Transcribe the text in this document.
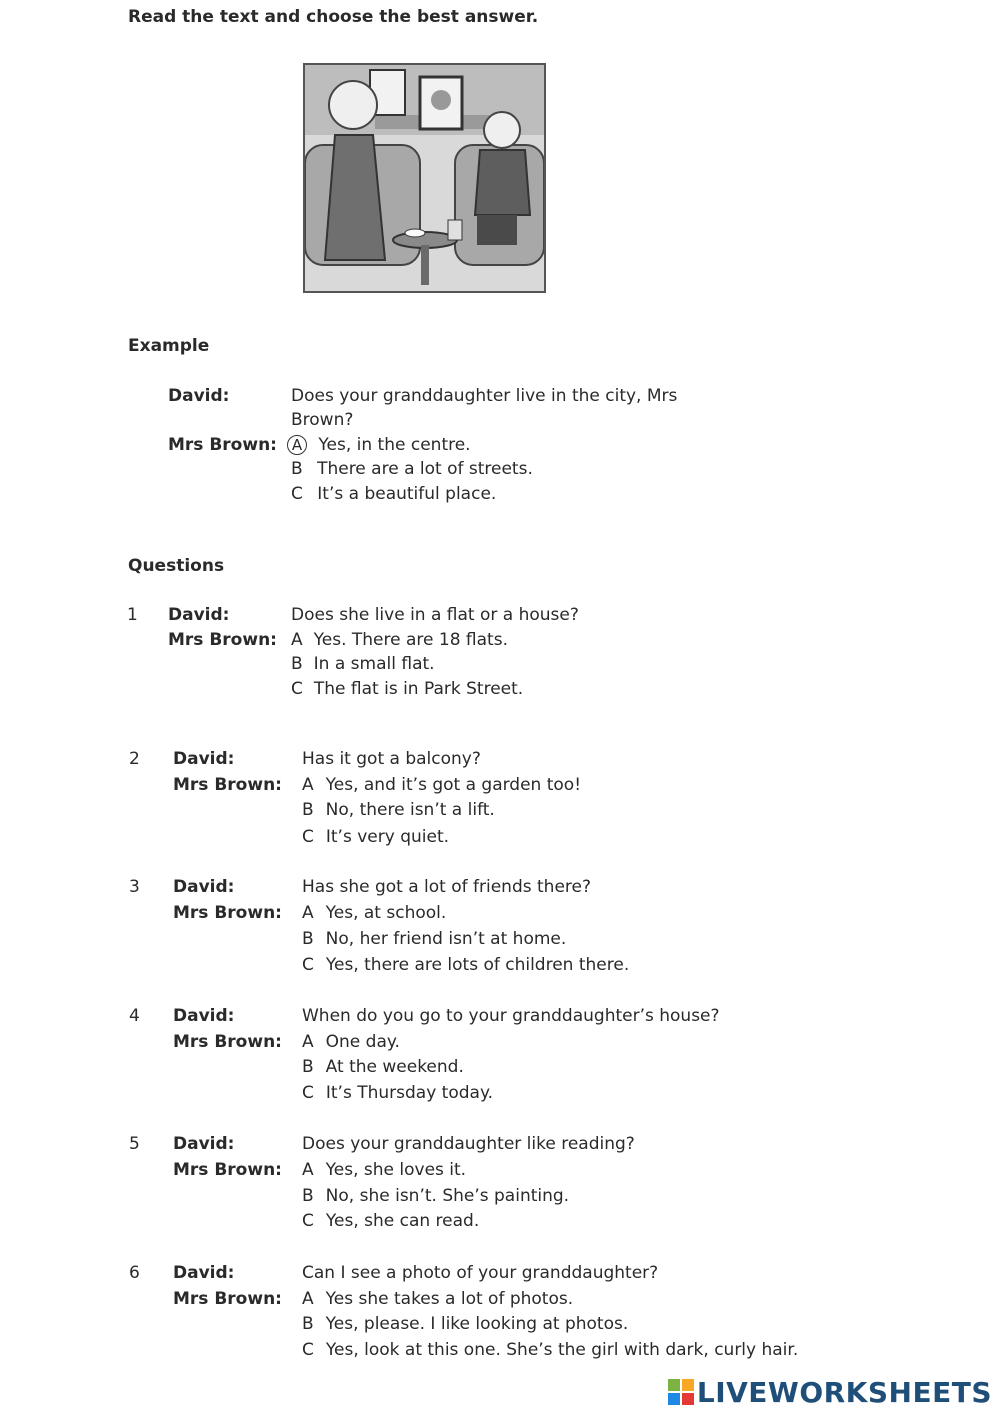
Read the text and choose the best answer.
Example
David:	Does your granddaughter live in the city, Mrs
Brown?
Mrs Brown: A Yes, in the centre.
B There are a lot of streets.
C It’s a beautiful place.
Questions
1 David:	Does she live in a flat or a house?
Mrs Brown: A Yes. There are 18 flats.
B In a small flat.
C The flat is in Park Street.
2 David:	Has it got a balcony?
Mrs Brown: A Yes, and it’s got a garden too!
B No, there isn’t a lift.
C It’s very quiet.
3 David:	Has she got a lot of friends there?
Mrs Brown: A Yes, at school.
B No, her friend isn’t at home.
C Yes, there are lots of children there.
4 David:	When do you go to your granddaughter’s house?
Mrs Brown: A One day.
B At the weekend.
C It’s Thursday today.
5 David:	Does your granddaughter like reading?
Mrs Brown: A Yes, she loves it.
B No, she isn’t. She’s painting.
C Yes, she can read.
6 David:	Can I see a photo of your granddaughter?
Mrs Brown: A Yes she takes a lot of photos.
B Yes, please. I like looking at photos.
C Yes, look at this one. She’s the girl with dark, curly hair.
LIVEWORKSHEETS
